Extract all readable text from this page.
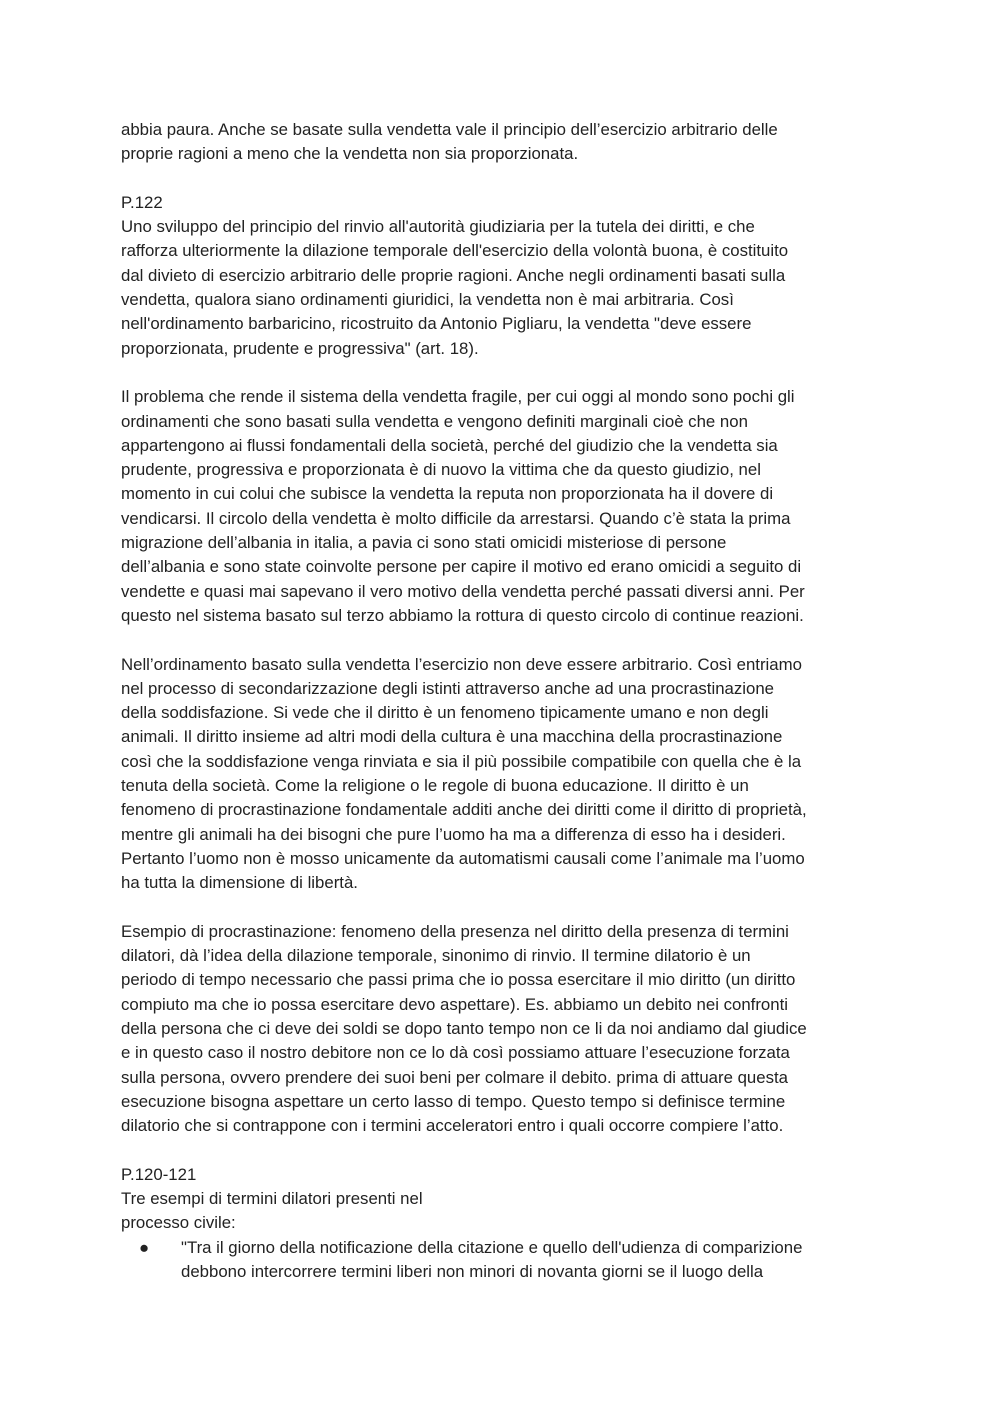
abbia paura. Anche se basate sulla vendetta vale il principio dell’esercizio arbitrario delle
proprie ragioni a meno che la vendetta non sia proporzionata.
P.122
Uno sviluppo del principio del rinvio all'autorità giudiziaria per la tutela dei diritti, e che
rafforza ulteriormente la dilazione temporale dell'esercizio della volontà buona, è costituito
dal divieto di esercizio arbitrario delle proprie ragioni. Anche negli ordinamenti basati sulla
vendetta, qualora siano ordinamenti giuridici, la vendetta non è mai arbitraria. Così
nell'ordinamento barbaricino, ricostruito da Antonio Pigliaru, la vendetta "deve essere
proporzionata, prudente e progressiva" (art. 18).
Il problema che rende il sistema della vendetta fragile, per cui oggi al mondo sono pochi gli
ordinamenti che sono basati sulla vendetta e vengono definiti marginali cioè che non
appartengono ai flussi fondamentali della società, perché del giudizio che la vendetta sia
prudente, progressiva e proporzionata è di nuovo la vittima che da questo giudizio, nel
momento in cui colui che subisce la vendetta la reputa non proporzionata ha il dovere di
vendicarsi. Il circolo della vendetta è molto difficile da arrestarsi. Quando c’è stata la prima
migrazione dell’albania in italia, a pavia ci sono stati omicidi misteriose di persone
dell’albania e sono state coinvolte persone per capire il motivo ed erano omicidi a seguito di
vendette e quasi mai sapevano il vero motivo della vendetta perché passati diversi anni. Per
questo nel sistema basato sul terzo abbiamo la rottura di questo circolo di continue reazioni.
Nell’ordinamento basato sulla vendetta l’esercizio non deve essere arbitrario. Così entriamo
nel processo di secondarizzazione degli istinti attraverso anche ad una procrastinazione
della soddisfazione. Si vede che il diritto è un fenomeno tipicamente umano e non degli
animali. Il diritto insieme ad altri modi della cultura è una macchina della procrastinazione
così che la soddisfazione venga rinviata e sia il più possibile compatibile con quella che è la
tenuta della società. Come la religione o le regole di buona educazione. Il diritto è un
fenomeno di procrastinazione fondamentale additi anche dei diritti come il diritto di proprietà,
mentre gli animali ha dei bisogni che pure l’uomo ha ma a differenza di esso ha i desideri.
Pertanto l’uomo non è mosso unicamente da automatismi causali come l’animale ma l’uomo
ha tutta la dimensione di libertà.
Esempio di procrastinazione: fenomeno della presenza nel diritto della presenza di termini
dilatori, dà l’idea della dilazione temporale, sinonimo di rinvio. Il termine dilatorio è un
periodo di tempo necessario che passi prima che io possa esercitare il mio diritto (un diritto
compiuto ma che io possa esercitare devo aspettare). Es. abbiamo un debito nei confronti
della persona che ci deve dei soldi se dopo tanto tempo non ce li da noi andiamo dal giudice
e in questo caso il nostro debitore non ce lo dà così possiamo attuare l’esecuzione forzata
sulla persona, ovvero prendere dei suoi beni per colmare il debito. prima di attuare questa
esecuzione bisogna aspettare un certo lasso di tempo. Questo tempo si definisce termine
dilatorio che si contrappone con i termini acceleratori entro i quali occorre compiere l’atto.
P.120-121
Tre esempi di termini dilatori presenti nel
processo civile:
● "Tra il giorno della notificazione della citazione e quello dell'udienza di comparizione
debbono intercorrere termini liberi non minori di novanta giorni se il luogo della
